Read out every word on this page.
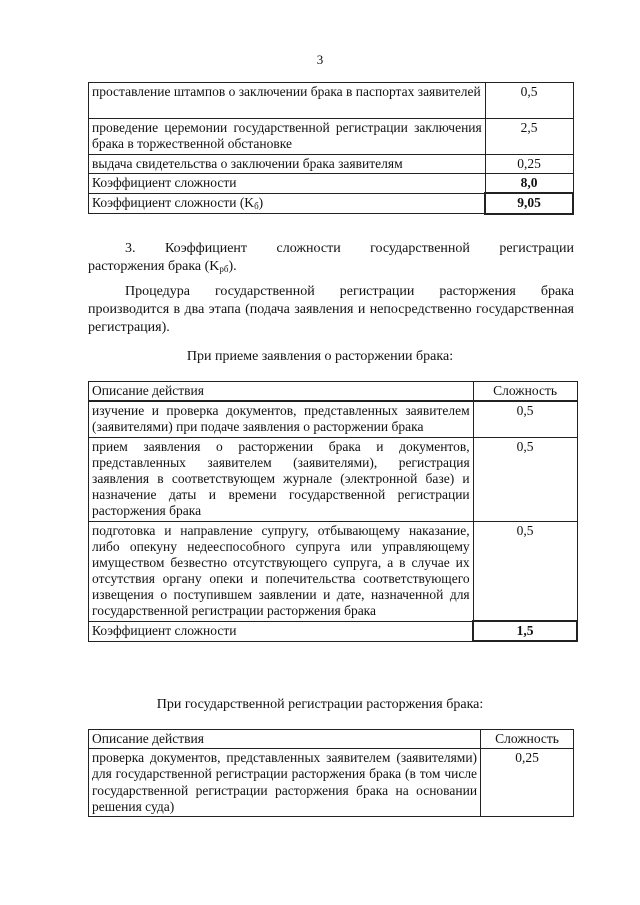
3
проставление штампов о заключении брака в паспортах заявителей	0,5
проведение церемонии государственной регистрации заключения брака в торжественной обстановке	2,5
выдача свидетельства о заключении брака заявителям	0,25
Коэффициент сложности	8,0
Коэффициент сложности $(K_б)$	9,05
3. Коэффициент сложности государственной регистрации
расторжения брака $(K_{рб})$.
Процедура государственной регистрации расторжения брака
производится в два этапа (подача заявления и непосредственно государственная регистрация).
При приеме заявления о расторжении брака:
Описание действия	Сложность
изучение и проверка документов, представленных заявителем (заявителями) при подаче заявления о расторжении брака	0,5
прием заявления о расторжении брака и документов, представленных заявителем (заявителями), регистрация заявления в соответствующем журнале (электронной базе) и назначение даты и времени государственной регистрации расторжения брака	0,5
подготовка и направление супругу, отбывающему наказание, либо опекуну недееспособного супруга или управляющему имуществом безвестно отсутствующего супруга, а в случае их отсутствия органу опеки и попечительства соответствующего извещения о поступившем заявлении и дате, назначенной для государственной регистрации расторжения брака	0,5
Коэффициент сложности	1,5
При государственной регистрации расторжения брака:
Описание действия	Сложность
проверка документов, представленных заявителем (заявителями) для государственной регистрации расторжения брака (в том числе государственной регистрации расторжения брака на основании решения суда)	0,25
